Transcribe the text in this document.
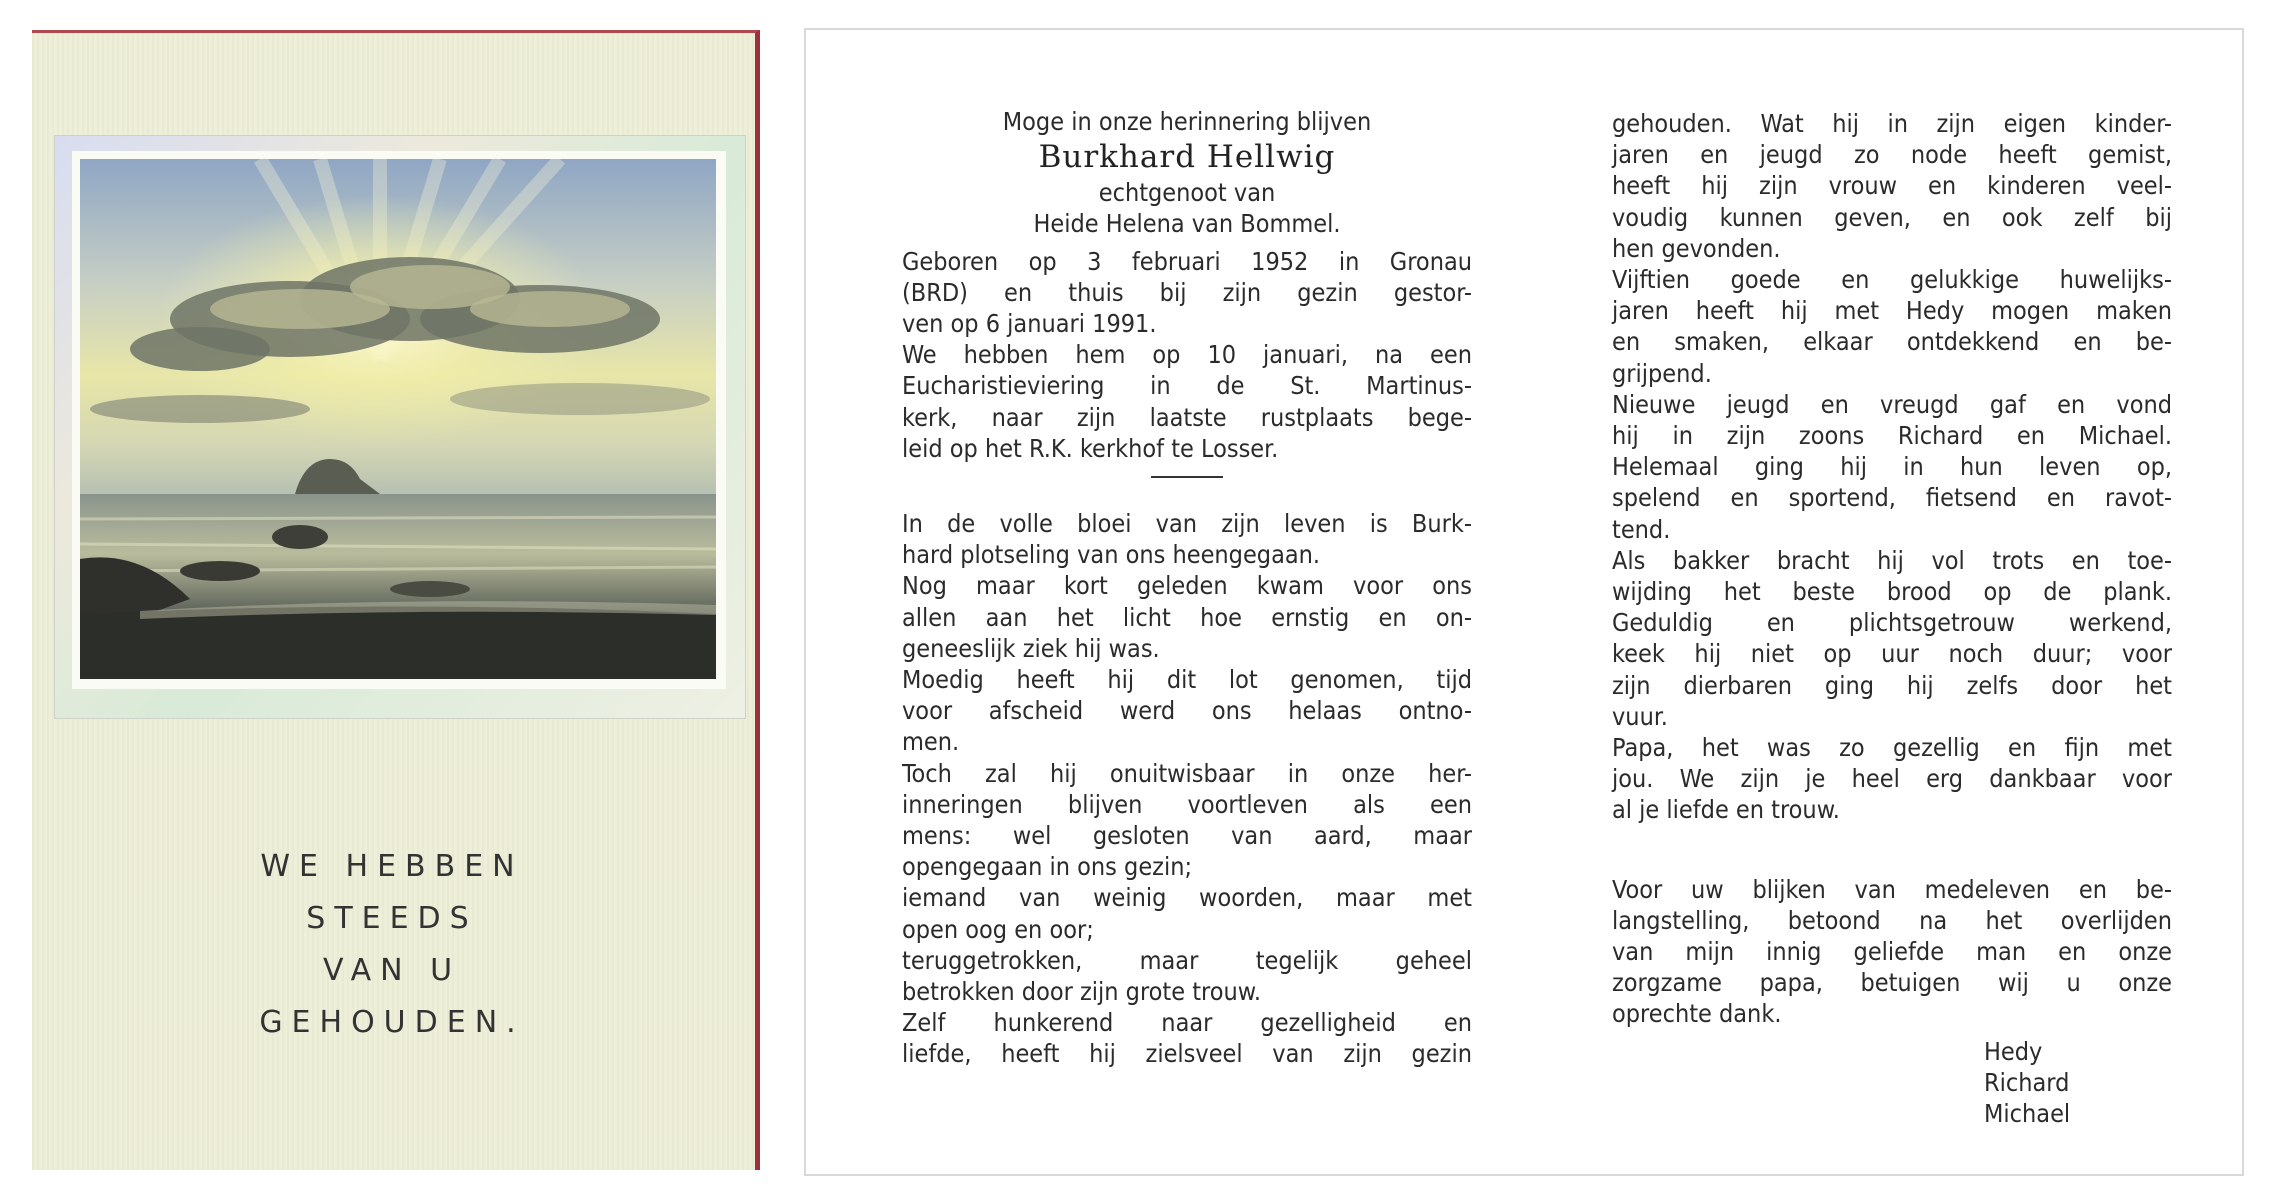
WE HEBBEN
STEEDS
VAN U
GEHOUDEN.

Moge in onze herinnering blijven

Burkhard Hellwig

echtgenoot van

Heide Helena van Bommel.

Geboren op 3 februari 1952 in Gronau

(BRD) en thuis bij zijn gezin gestor-

ven op 6 januari 1991.

We hebben hem op 10 januari, na een

Eucharistieviering in de St. Martinus-

kerk, naar zijn laatste rustplaats bege-

leid op het R.K. kerkhof te Losser.

In de volle bloei van zijn leven is Burk-

hard plotseling van ons heengegaan.

Nog maar kort geleden kwam voor ons

allen aan het licht hoe ernstig en on-

geneeslijk ziek hij was.

Moedig heeft hij dit lot genomen, tijd

voor afscheid werd ons helaas ontno-

men.

Toch zal hij onuitwisbaar in onze her-

inneringen blijven voortleven als een

mens: wel gesloten van aard, maar

opengegaan in ons gezin;

iemand van weinig woorden, maar met

open oog en oor;

teruggetrokken, maar tegelijk geheel

betrokken door zijn grote trouw.

Zelf hunkerend naar gezelligheid en

liefde, heeft hij zielsveel van zijn gezin

gehouden. Wat hij in zijn eigen kinder-

jaren en jeugd zo node heeft gemist,

heeft hij zijn vrouw en kinderen veel-

voudig kunnen geven, en ook zelf bij

hen gevonden.

Vijftien goede en gelukkige huwelijks-

jaren heeft hij met Hedy mogen maken

en smaken, elkaar ontdekkend en be-

grijpend.

Nieuwe jeugd en vreugd gaf en vond

hij in zijn zoons Richard en Michael.

Helemaal ging hij in hun leven op,

spelend en sportend, fietsend en ravot-

tend.

Als bakker bracht hij vol trots en toe-

wijding het beste brood op de plank.

Geduldig en plichtsgetrouw werkend,

keek hij niet op uur noch duur; voor

zijn dierbaren ging hij zelfs door het

vuur.

Papa, het was zo gezellig en fijn met

jou. We zijn je heel erg dankbaar voor

al je liefde en trouw.

Voor uw blijken van medeleven en be-

langstelling, betoond na het overlijden

van mijn innig geliefde man en onze

zorgzame papa, betuigen wij u onze

oprechte dank.

Hedy

Richard

Michael
